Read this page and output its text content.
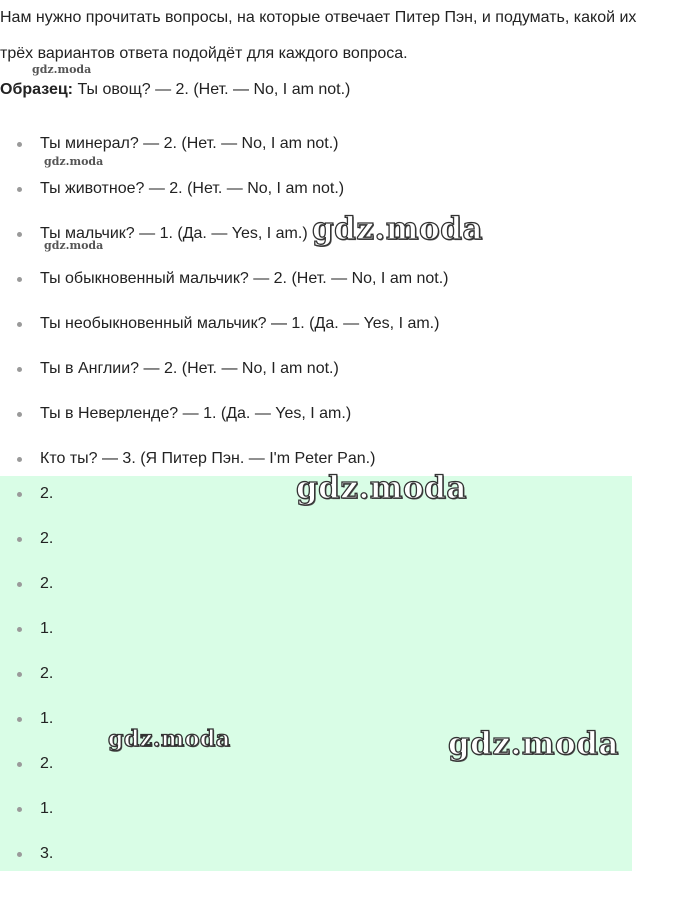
Нам нужно прочитать вопросы, на которые отвечает Питер Пэн, и подумать, какой их трёх вариантов ответа подойдёт для каждого вопроса.

Образец: Ты овощ? — 2. (Нет. — No, I am not.)

Ты минерал? — 2. (Нет. — No, I am not.)
Ты животное? — 2. (Нет. — No, I am not.)
Ты мальчик? — 1. (Да. — Yes, I am.)
Ты обыкновенный мальчик? — 2. (Нет. — No, I am not.)
Ты необыкновенный мальчик? — 1. (Да. — Yes, I am.)
Ты в Англии? — 2. (Нет. — No, I am not.)
Ты в Неверленде? — 1. (Да. — Yes, I am.)
Кто ты? — 3. (Я Питер Пэн. — I'm Peter Pan.)
2.
2.
2.
1.
2.
1.
2.
1.
3.
gdz.moda
gdz.moda
gdz.moda	gdz.moda
gdz.moda
gdz.moda	gdz.moda
